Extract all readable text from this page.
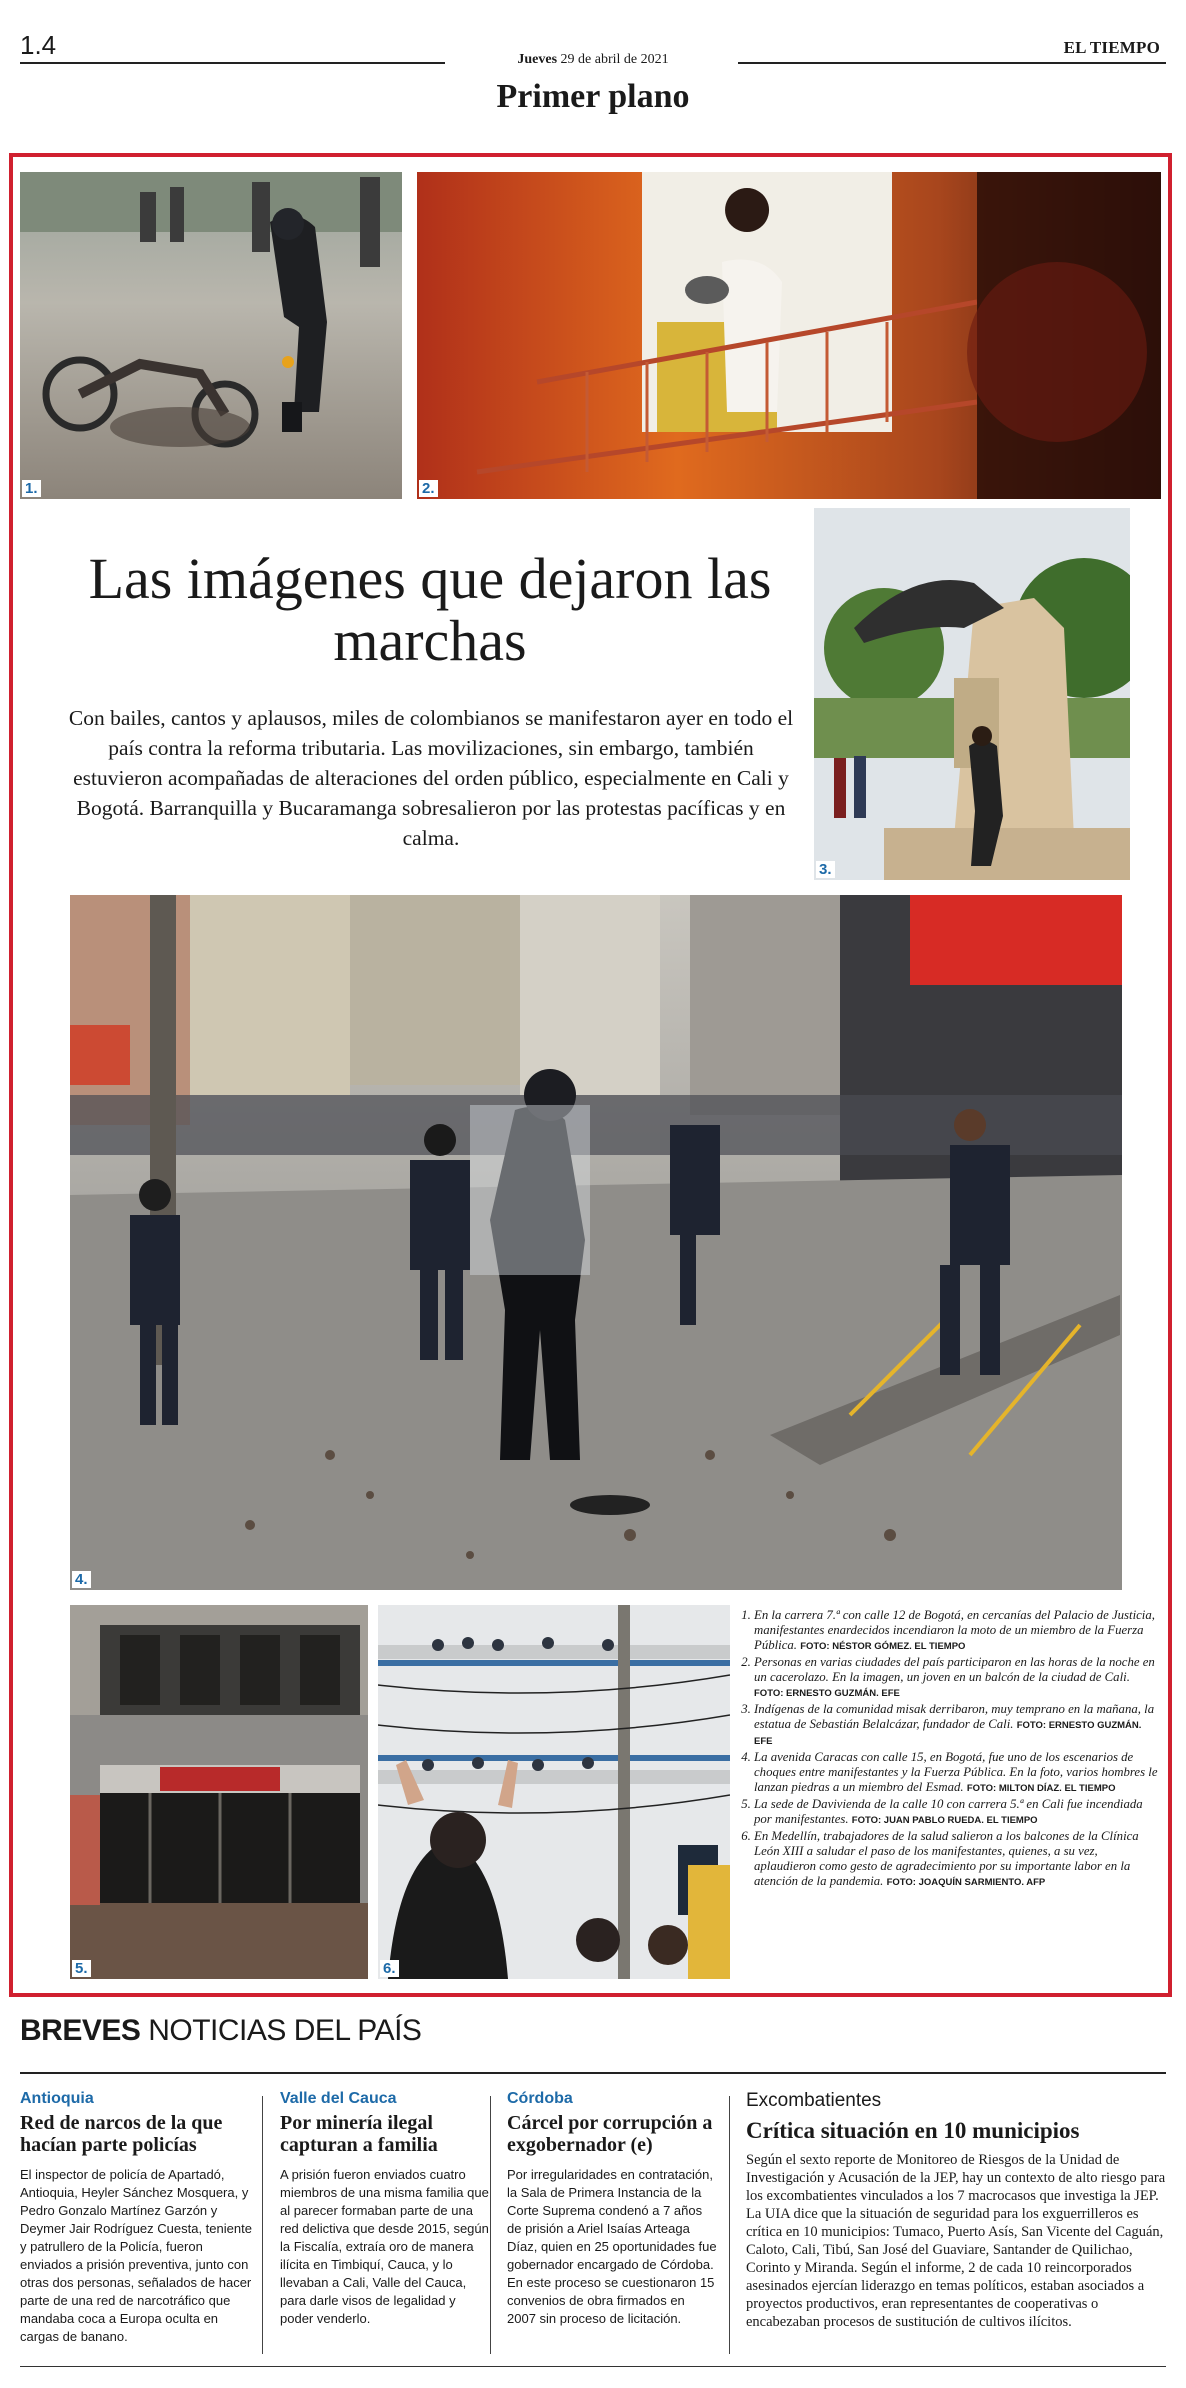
1.4	Jueves 29 de abril de 2021
EL TIEMPO
Primer plano
1.	2.
Las imágenes que dejaron las marchas
Con bailes, cantos y aplausos, miles de colombianos se manifestaron ayer en todo el país contra la reforma tributaria. Las movilizaciones, sin embargo, también estuvieron acompañadas de alteraciones del orden público, especialmente en Cali y Bogotá. Barranquilla y Bucaramanga sobresalieron por las protestas pacíficas y en calma.
3.
4.
5.	6.
1. En la carrera 7.ª con calle 12 de Bogotá, en cercanías del Palacio de Justicia, manifestantes enardecidos incendiaron la moto de un miembro de la Fuerza Pública. FOTO: NÉSTOR GÓMEZ. EL TIEMPO
2. Personas en varias ciudades del país participaron en las horas de la noche en un cacerolazo. En la imagen, un joven en un balcón de la ciudad de Cali. FOTO: ERNESTO GUZMÁN. EFE
3. Indígenas de la comunidad misak derribaron, muy temprano en la mañana, la estatua de Sebastián Belalcázar, fundador de Cali. FOTO: ERNESTO GUZMÁN. EFE
4. La avenida Caracas con calle 15, en Bogotá, fue uno de los escenarios de choques entre manifestantes y la Fuerza Pública. En la foto, varios hombres le lanzan piedras a un miembro del Esmad. FOTO: MILTON DÍAZ. EL TIEMPO
5. La sede de Davivienda de la calle 10 con carrera 5.ª en Cali fue incendiada por manifestantes. FOTO: JUAN PABLO RUEDA. EL TIEMPO
6. En Medellín, trabajadores de la salud salieron a los balcones de la Clínica León XIII a saludar el paso de los manifestantes, quienes, a su vez, aplaudieron como gesto de agradecimiento por su importante labor en la atención de la pandemia. FOTO: JOAQUÍN SARMIENTO. AFP
BREVES NOTICIAS DEL PAÍS
Antioquia
Red de narcos de la que hacían parte policías

El inspector de policía de Apartadó, Antioquia, Heyler Sánchez Mosquera, y Pedro Gonzalo Martínez Garzón y Deymer Jair Rodríguez Cuesta, teniente y patrullero de la Policía, fueron enviados a prisión preventiva, junto con otras dos personas, señalados de hacer parte de una red de narcotráfico que mandaba coca a Europa oculta en cargas de banano.

Valle del Cauca
Por minería ilegal capturan a familia

A prisión fueron enviados cuatro miembros de una misma familia que al parecer formaban parte de una red delictiva que desde 2015, según la Fiscalía, extraía oro de manera ilícita en Timbiquí, Cauca, y lo llevaban a Cali, Valle del Cauca, para darle visos de legalidad y poder venderlo.

Córdoba
Cárcel por corrupción a exgobernador (e)

Por irregularidades en contratación, la Sala de Primera Instancia de la Corte Suprema condenó a 7 años de prisión a Ariel Isaías Arteaga Díaz, quien en 25 oportunidades fue gobernador encargado de Córdoba. En este proceso se cuestionaron 15 convenios de obra firmados en 2007 sin proceso de licitación.

Excombatientes
Crítica situación en 10 municipios

Según el sexto reporte de Monitoreo de Riesgos de la Unidad de Investigación y Acusación de la JEP, hay un contexto de alto riesgo para los excombatientes vinculados a los 7 macrocasos que investiga la JEP. La UIA dice que la situación de seguridad para los exguerrilleros es crítica en 10 municipios: Tumaco, Puerto Asís, San Vicente del Caguán, Caloto, Cali, Tibú, San José del Guaviare, Santander de Quilichao, Corinto y Miranda. Según el informe, 2 de cada 10 reincorporados asesinados ejercían liderazgo en temas políticos, estaban asociados a proyectos productivos, eran representantes de cooperativas o encabezaban procesos de sustitución de cultivos ilícitos.
